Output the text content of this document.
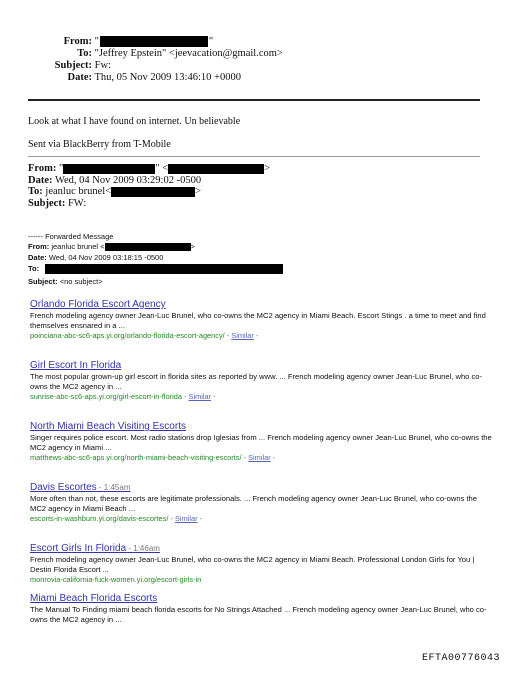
From: "	"
To: "Jeffrey Epstein" <jeevacation@gmail.com>
Subject: Fw:
Date: Thu, 05 Nov 2009 13:46:10 +0000
Look at what I have found on internet. Un believable
Sent via BlackBerry from T-Mobile
From: "	" <	>
Date: Wed, 04 Nov 2009 03:29:02 -0500
To: jeanluc brunel<	>
Subject: FW:
------ Forwarded Message
From: jeanluc brunel <	>
Date: Wed, 04 Nov 2009 03:18:15 -0500
To:
Subject: <no subject>
Orlando Florida Escort Agency
French modeling agency owner Jean-Luc Brunel, who co-owns the MC2 agency in Miami Beach. Escort Stings . a time to meet and find themselves ensnared in a ...
poinciana-abc-sc6-aps.yi.org/orlando-florida-escort-agency/ - Similar -
Girl Escort In Florida
The most popular grown-up girl escort in florida sites as reported by www. ... French modeling agency owner Jean-Luc Brunel, who co-owns the MC2 agency in ...
sunrise-abc-sc6-aps.yi.org/girl-escort-in-florida - Similar -
North Miami Beach Visiting Escorts
Singer requires police escort. Most radio stations drop Iglesias from ... French modeling agency owner Jean-Luc Brunel, who co-owns the MC2 agency in Miami ...
matthews-abc-sc6-aps.yi.org/north-miami-beach-visiting-escorts/ - Similar -
Davis Escortes - 1:45am
More often than not, these escorts are legitimate professionals. ... French modeling agency owner Jean-Luc Brunel, who co-owns the MC2 agency in Miami Beach ...
escorts-in-washburn.yi.org/davis-escortes/ - Similar -
Escort Girls In Florida - 1:46am
French modeling agency owner Jean-Luc Brunel, who co-owns the MC2 agency in Miami Beach. Professional London Girls for You | Destin Florida Escort ...
monrovia-california-fuck-women.yi.org/escort-girls-in
Miami Beach Florida Escorts
The Manual To Finding miami beach florida escorts for No Strings Attached ... French modeling agency owner Jean-Luc Brunel, who co-owns the MC2 agency in ...
EFTA00776043
